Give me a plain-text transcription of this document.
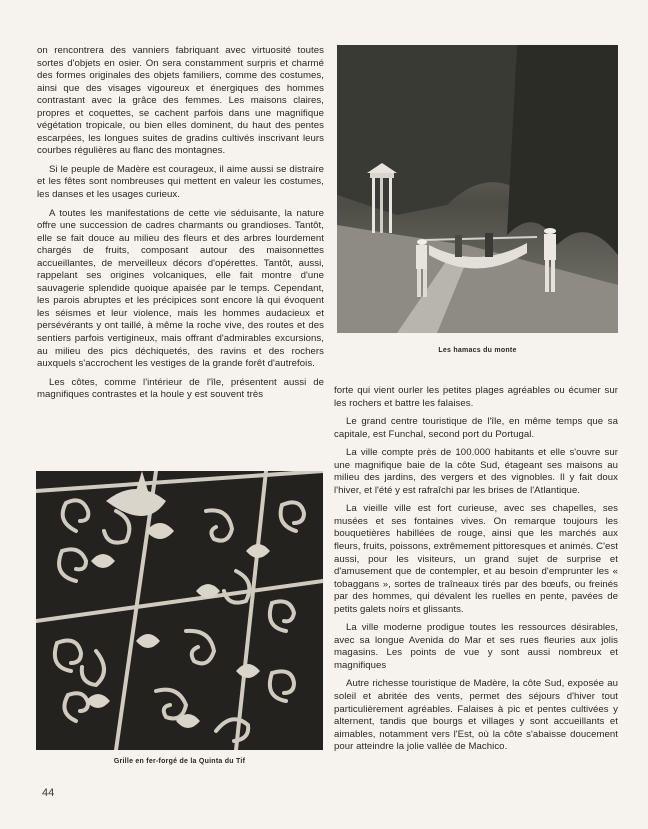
on rencontrera des vanniers fabriquant avec virtuosité toutes sortes d'objets en osier. On sera constamment surpris et charmé des formes originales des objets familiers, comme des costumes, ainsi que des visages vigoureux et énergiques des hommes contrastant avec la grâce des femmes. Les maisons claires, propres et coquettes, se cachent parfois dans une magnifique végétation tropicale, ou bien elles dominent, du haut des pentes escarpées, les longues suites de gradins cultivés inscrivant leurs courbes régulières au flanc des montagnes.

Si le peuple de Madère est courageux, il aime aussi se distraire et les fêtes sont nombreuses qui mettent en valeur les costumes, les danses et les usages curieux.

A toutes les manifestations de cette vie séduisante, la nature offre une succession de cadres charmants ou grandioses. Tantôt, elle se fait douce au milieu des fleurs et des arbres lourdement chargés de fruits, composant autour des maisonnettes accueillantes, de merveilleux décors d'opérettes. Tantôt, aussi, rappelant ses origines volcaniques, elle fait montre d'une sauvagerie splendide quoique apaisée par le temps. Cependant, les parois abruptes et les précipices sont encore là qui évoquent les séismes et leur violence, mais les hommes audacieux et persévérants y ont taillé, à même la roche vive, des routes et des sentiers parfois vertigineux, mais offrant d'admirables excursions, au milieu des pics déchiquetés, des ravins et des rochers auxquels s'accrochent les vestiges de la grande forêt d'autrefois.

Les côtes, comme l'intérieur de l'île, présentent aussi de magnifiques contrastes et la houle y est souvent très

Les hamacs du monte
Grille en fer-forgé de la Quinta du Tif

forte qui vient ourler les petites plages agréables ou écumer sur les rochers et battre les falaises.

Le grand centre touristique de l'île, en même temps que sa capitale, est Funchal, second port du Portugal.

La ville compte près de 100.000 habitants et elle s'ouvre sur une magnifique baie de la côte Sud, étageant ses maisons au milieu des jardins, des vergers et des vignobles. Il y fait doux l'hiver, et l'été y est rafraîchi par les brises de l'Atlantique.

La vieille ville est fort curieuse, avec ses chapelles, ses musées et ses fontaines vives. On remarque toujours les bouquetières habillées de rouge, ainsi que les marchés aux fleurs, fruits, poissons, extrêmement pittoresques et animés. C'est aussi, pour les visiteurs, un grand sujet de surprise et d'amusement que de contempler, et au besoin d'emprunter les « tobaggans », sortes de traîneaux tirés par des bœufs, ou freinés par des hommes, qui dévalent les ruelles en pente, pavées de petits galets noirs et glissants.

La ville moderne prodigue toutes les ressources désirables, avec sa longue Avenida do Mar et ses rues fleuries aux jolis magasins. Les points de vue y sont aussi nombreux et magnifiques

Autre richesse touristique de Madère, la côte Sud, exposée au soleil et abritée des vents, permet des séjours d'hiver tout particulièrement agréables. Falaises à pic et pentes cultivées y alternent, tandis que bourgs et villages y sont accueillants et aimables, notamment vers l'Est, où la côte s'abaisse doucement pour atteindre la jolie vallée de Machico.

44
